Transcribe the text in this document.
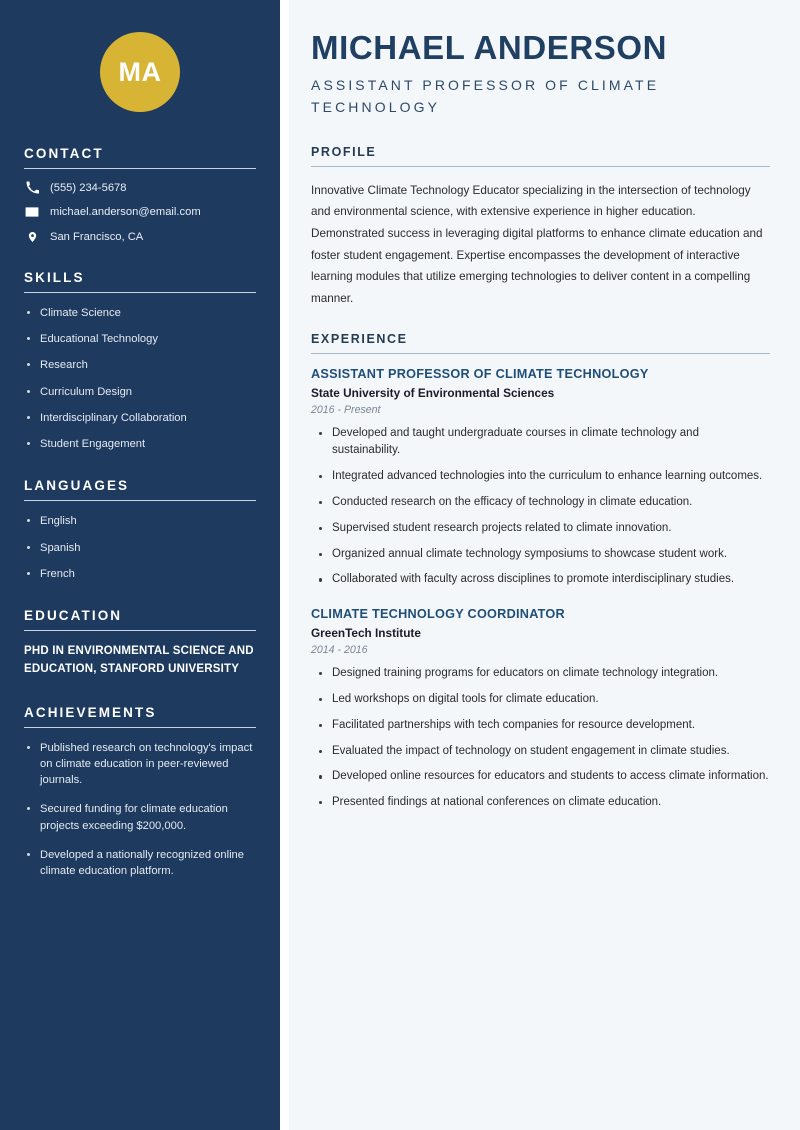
MA
CONTACT
(555) 234-5678
michael.anderson@email.com
San Francisco, CA
SKILLS
Climate Science
Educational Technology
Research
Curriculum Design
Interdisciplinary Collaboration
Student Engagement
LANGUAGES
English
Spanish
French
EDUCATION
PHD IN ENVIRONMENTAL SCIENCE AND EDUCATION, STANFORD UNIVERSITY
ACHIEVEMENTS
Published research on technology's impact on climate education in peer-reviewed journals.
Secured funding for climate education projects exceeding $200,000.
Developed a nationally recognized online climate education platform.
MICHAEL ANDERSON
ASSISTANT PROFESSOR OF CLIMATE TECHNOLOGY
PROFILE

Innovative Climate Technology Educator specializing in the intersection of technology and environmental science, with extensive experience in higher education. Demonstrated success in leveraging digital platforms to enhance climate education and foster student engagement. Expertise encompasses the development of interactive learning modules that utilize emerging technologies to deliver content in a compelling manner.

EXPERIENCE
ASSISTANT PROFESSOR OF CLIMATE TECHNOLOGY
State University of Environmental Sciences
2016 - Present
Developed and taught undergraduate courses in climate technology and sustainability.
Integrated advanced technologies into the curriculum to enhance learning outcomes.
Conducted research on the efficacy of technology in climate education.
Supervised student research projects related to climate innovation.
Organized annual climate technology symposiums to showcase student work.
Collaborated with faculty across disciplines to promote interdisciplinary studies.
CLIMATE TECHNOLOGY COORDINATOR
GreenTech Institute
2014 - 2016
Designed training programs for educators on climate technology integration.
Led workshops on digital tools for climate education.
Facilitated partnerships with tech companies for resource development.
Evaluated the impact of technology on student engagement in climate studies.
Developed online resources for educators and students to access climate information.
Presented findings at national conferences on climate education.
